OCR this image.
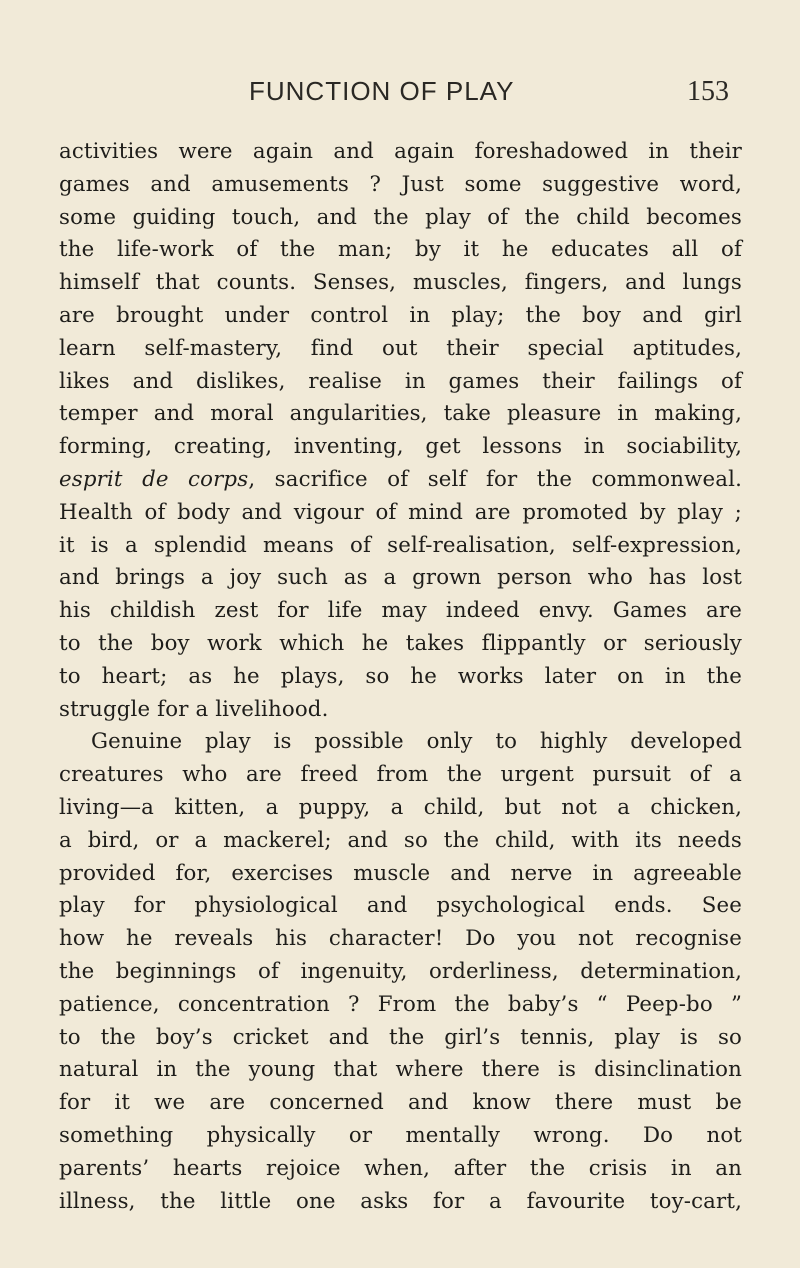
FUNCTION OF PLAY	153
activities were again and again foreshadowed in their
games and amusements ? Just some suggestive word,
some guiding touch, and the play of the child becomes
the life-work of the man; by it he educates all of
himself that counts. Senses, muscles, fingers, and lungs
are brought under control in play; the boy and girl
learn self-mastery, find out their special aptitudes,
likes and dislikes, realise in games their failings of
temper and moral angularities, take pleasure in making,
forming, creating, inventing, get lessons in sociability,
esprit de corps, sacrifice of self for the commonweal.
Health of body and vigour of mind are promoted by play ;
it is a splendid means of self-realisation, self-expression,
and brings a joy such as a grown person who has lost
his childish zest for life may indeed envy. Games are
to the boy work which he takes flippantly or seriously
to heart; as he plays, so he works later on in the
struggle for a livelihood.
Genuine play is possible only to highly developed
creatures who are freed from the urgent pursuit of a
living—a kitten, a puppy, a child, but not a chicken,
a bird, or a mackerel; and so the child, with its needs
provided for, exercises muscle and nerve in agreeable
play for physiological and psychological ends. See
how he reveals his character! Do you not recognise
the beginnings of ingenuity, orderliness, determination,
patience, concentration ? From the baby’s “ Peep-bo ”
to the boy’s cricket and the girl’s tennis, play is so
natural in the young that where there is disinclination
for it we are concerned and know there must be
something physically or mentally wrong. Do not
parents’ hearts rejoice when, after the crisis in an
illness, the little one asks for a favourite toy-cart,
